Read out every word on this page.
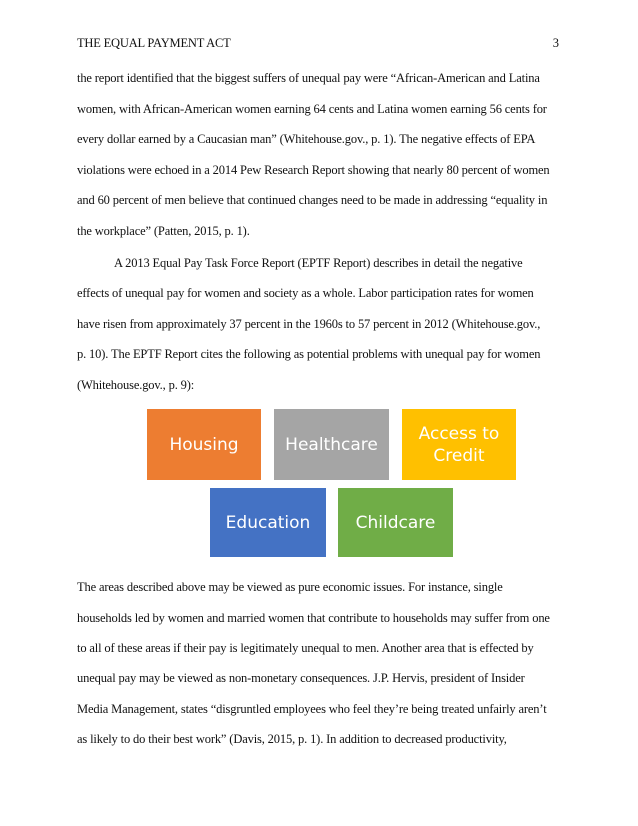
THE EQUAL PAYMENT ACT	3
the report identified that the biggest suffers of unequal pay were “African-American and Latina
women, with African-American women earning 64 cents and Latina women earning 56 cents for
every dollar earned by a Caucasian man” (Whitehouse.gov., p. 1). The negative effects of EPA
violations were echoed in a 2014 Pew Research Report showing that nearly 80 percent of women
and 60 percent of men believe that continued changes need to be made in addressing “equality in
the workplace” (Patten, 2015, p. 1).
A 2013 Equal Pay Task Force Report (EPTF Report) describes in detail the negative
effects of unequal pay for women and society as a whole. Labor participation rates for women
have risen from approximately 37 percent in the 1960s to 57 percent in 2012 (Whitehouse.gov.,
p. 10). The EPTF Report cites the following as potential problems with unequal pay for women
(Whitehouse.gov., p. 9):
Housing	Healthcare
Access to
Credit
Education	Childcare
The areas described above may be viewed as pure economic issues. For instance, single
households led by women and married women that contribute to households may suffer from one
to all of these areas if their pay is legitimately unequal to men. Another area that is effected by
unequal pay may be viewed as non-monetary consequences. J.P. Hervis, president of Insider
Media Management, states “disgruntled employees who feel they’re being treated unfairly aren’t
as likely to do their best work” (Davis, 2015, p. 1). In addition to decreased productivity,
